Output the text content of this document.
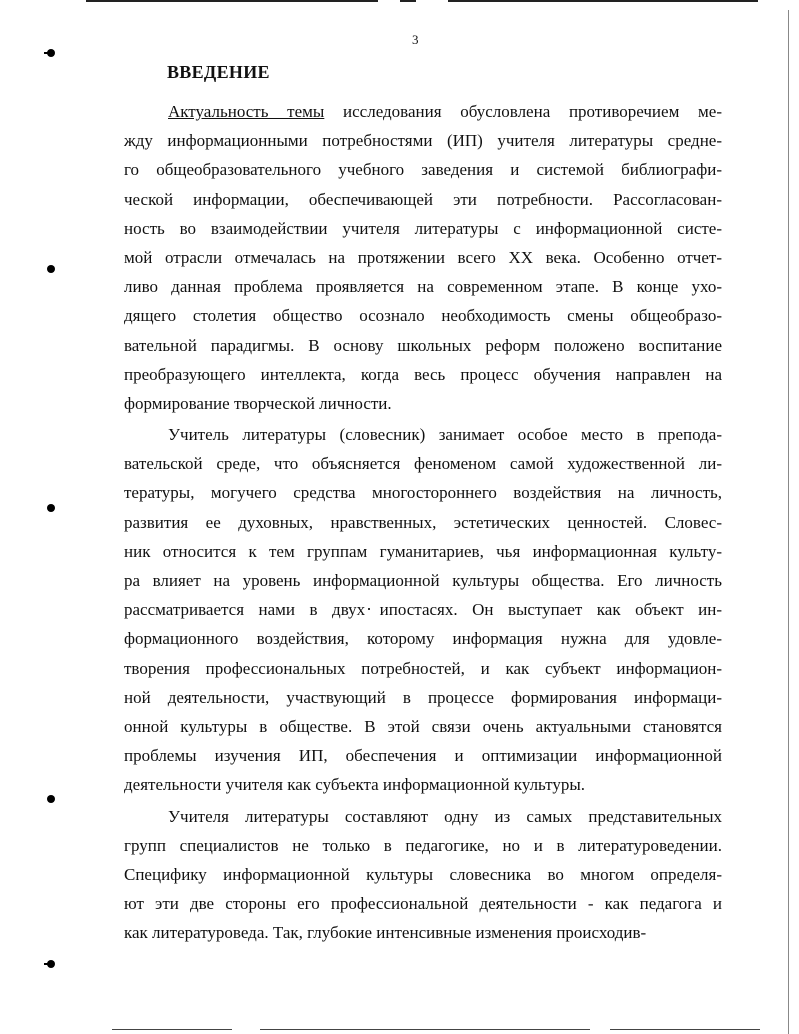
3
ВВЕДЕНИЕ
Актуальность темы исследования обусловлена противоречием ме-
жду информационными потребностями (ИП) учителя литературы средне-
го общеобразовательного учебного заведения и системой библиографи-
ческой информации, обеспечивающей эти потребности. Рассогласован-
ность во взаимодействии учителя литературы с информационной систе-
мой отрасли отмечалась на протяжении всего XX века. Особенно отчет-
ливо данная проблема проявляется на современном этапе. В конце ухо-
дящего столетия общество осознало необходимость смены общеобразо-
вательной парадигмы. В основу школьных реформ положено воспитание
преобразующего интеллекта, когда весь процесс обучения направлен на
формирование творческой личности.
Учитель литературы (словесник) занимает особое место в препода-
вательской среде, что объясняется феноменом самой художественной ли-
тературы, могучего средства многостороннего воздействия на личность,
развития ее духовных, нравственных, эстетических ценностей. Словес-
ник относится к тем группам гуманитариев, чья информационная культу-
ра влияет на уровень информационной культуры общества. Его личность
рассматривается нами в двух ипостасях. Он выступает как объект ин-
формационного воздействия, которому информация нужна для удовле-
творения профессиональных потребностей, и как субъект информацион-
ной деятельности, участвующий в процессе формирования информаци-
онной культуры в обществе. В этой связи очень актуальными становятся
проблемы изучения ИП, обеспечения и оптимизации информационной
деятельности учителя как субъекта информационной культуры.
Учителя литературы составляют одну из самых представительных
групп специалистов не только в педагогике, но и в литературоведении.
Специфику информационной культуры словесника во многом определя-
ют эти две стороны его профессиональной деятельности - как педагога и
как литературоведа. Так, глубокие интенсивные изменения происходив-
